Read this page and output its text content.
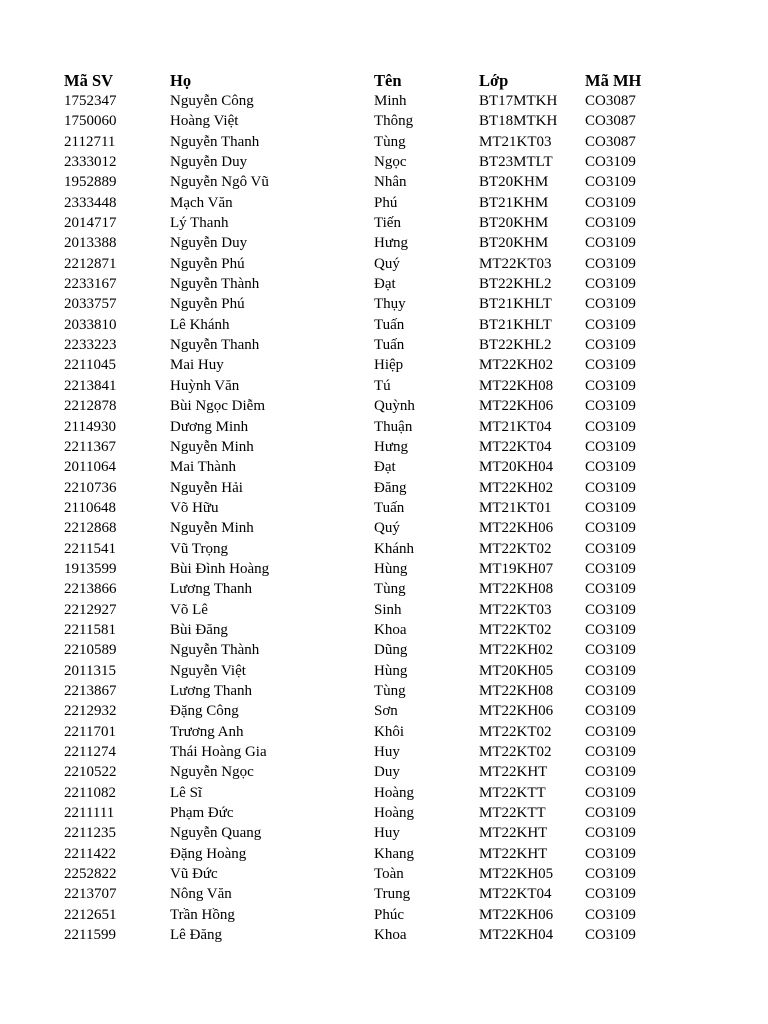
Mã SV	Họ	Tên	Lớp	Mã MH
1752347	Nguyễn Công	Minh	BT17MTKH	CO3087
1750060	Hoàng Việt	Thông	BT18MTKH	CO3087
2112711	Nguyễn Thanh	Tùng	MT21KT03	CO3087
2333012	Nguyễn Duy	Ngọc	BT23MTLT	CO3109
1952889	Nguyễn Ngô Vũ	Nhân	BT20KHM	CO3109
2333448	Mạch Văn	Phú	BT21KHM	CO3109
2014717	Lý Thanh	Tiến	BT20KHM	CO3109
2013388	Nguyễn Duy	Hưng	BT20KHM	CO3109
2212871	Nguyễn Phú	Quý	MT22KT03	CO3109
2233167	Nguyễn Thành	Đạt	BT22KHL2	CO3109
2033757	Nguyễn Phú	Thụy	BT21KHLT	CO3109
2033810	Lê Khánh	Tuấn	BT21KHLT	CO3109
2233223	Nguyễn Thanh	Tuấn	BT22KHL2	CO3109
2211045	Mai Huy	Hiệp	MT22KH02	CO3109
2213841	Huỳnh Văn	Tú	MT22KH08	CO3109
2212878	Bùi Ngọc Diễm	Quỳnh	MT22KH06	CO3109
2114930	Dương Minh	Thuận	MT21KT04	CO3109
2211367	Nguyễn Minh	Hưng	MT22KT04	CO3109
2011064	Mai Thành	Đạt	MT20KH04	CO3109
2210736	Nguyễn Hải	Đăng	MT22KH02	CO3109
2110648	Võ Hữu	Tuấn	MT21KT01	CO3109
2212868	Nguyễn Minh	Quý	MT22KH06	CO3109
2211541	Vũ Trọng	Khánh	MT22KT02	CO3109
1913599	Bùi Đình Hoàng	Hùng	MT19KH07	CO3109
2213866	Lương Thanh	Tùng	MT22KH08	CO3109
2212927	Võ Lê	Sinh	MT22KT03	CO3109
2211581	Bùi Đăng	Khoa	MT22KT02	CO3109
2210589	Nguyễn Thành	Dũng	MT22KH02	CO3109
2011315	Nguyễn Việt	Hùng	MT20KH05	CO3109
2213867	Lương Thanh	Tùng	MT22KH08	CO3109
2212932	Đặng Công	Sơn	MT22KH06	CO3109
2211701	Trương Anh	Khôi	MT22KT02	CO3109
2211274	Thái Hoàng Gia	Huy	MT22KT02	CO3109
2210522	Nguyễn Ngọc	Duy	MT22KHT	CO3109
2211082	Lê Sĩ	Hoàng	MT22KTT	CO3109
2211111	Phạm Đức	Hoàng	MT22KTT	CO3109
2211235	Nguyễn Quang	Huy	MT22KHT	CO3109
2211422	Đặng Hoàng	Khang	MT22KHT	CO3109
2252822	Vũ Đức	Toàn	MT22KH05	CO3109
2213707	Nông Văn	Trung	MT22KT04	CO3109
2212651	Trần Hồng	Phúc	MT22KH06	CO3109
2211599	Lê Đăng	Khoa	MT22KH04	CO3109
